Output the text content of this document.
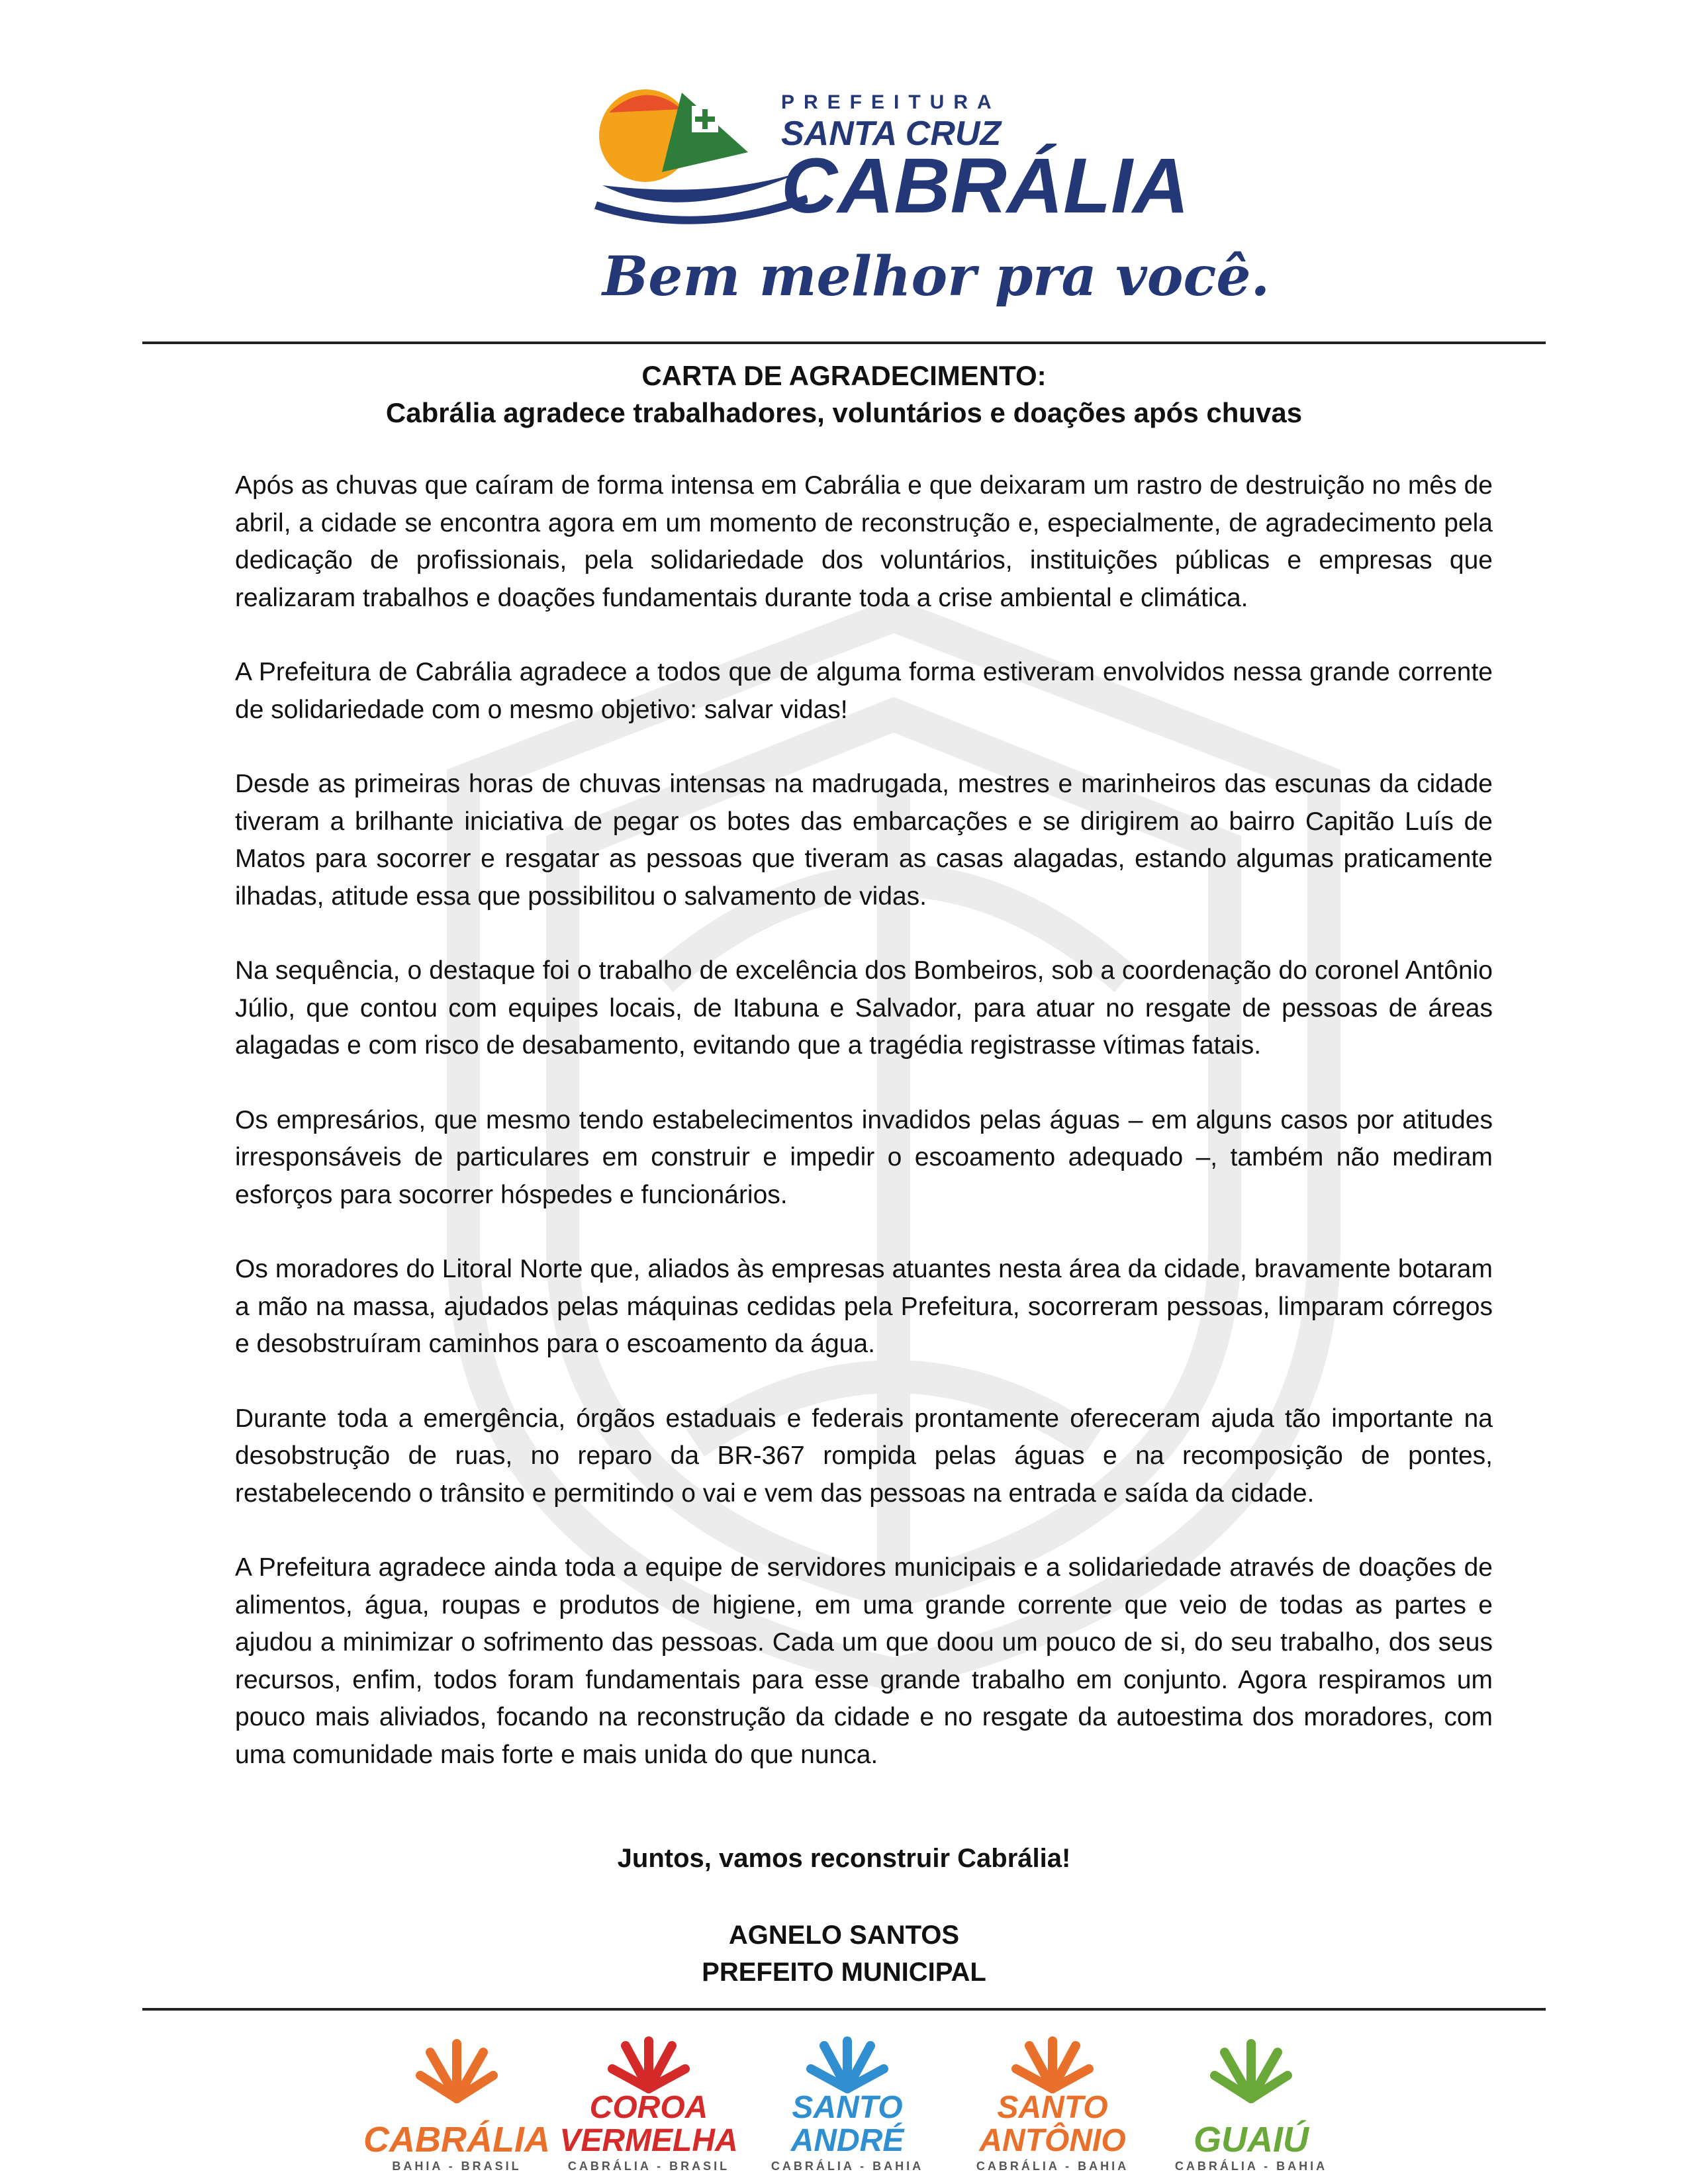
PREFEITURA
SANTA CRUZ
CABRÁLIA
Bem melhor pra você.
CARTA DE AGRADECIMENTO:
Cabrália agradece trabalhadores, voluntários e doações após chuvas

Após as chuvas que caíram de forma intensa em Cabrália e que deixaram um rastro de destruição no mês de abril, a cidade se encontra agora em um momento de reconstrução e, especialmente, de agradecimento pela dedicação de profissionais, pela solidariedade dos voluntários, instituições públicas e empresas que realizaram trabalhos e doações fundamentais durante toda a crise ambiental e climática.

A Prefeitura de Cabrália agradece a todos que de alguma forma estiveram envolvidos nessa grande corrente de solidariedade com o mesmo objetivo: salvar vidas!

Desde as primeiras horas de chuvas intensas na madrugada, mestres e marinheiros das escunas da cidade tiveram a brilhante iniciativa de pegar os botes das embarcações e se dirigirem ao bairro Capitão Luís de Matos para socorrer e resgatar as pessoas que tiveram as casas alagadas, estando algumas praticamente ilhadas, atitude essa que possibilitou o salvamento de vidas.

Na sequência, o destaque foi o trabalho de excelência dos Bombeiros, sob a coordenação do coronel Antônio Júlio, que contou com equipes locais, de Itabuna e Salvador, para atuar no resgate de pessoas de áreas alagadas e com risco de desabamento, evitando que a tragédia registrasse vítimas fatais.

Os empresários, que mesmo tendo estabelecimentos invadidos pelas águas – em alguns casos por atitudes irresponsáveis de particulares em construir e impedir o escoamento adequado –, também não mediram esforços para socorrer hóspedes e funcionários.

Os moradores do Litoral Norte que, aliados às empresas atuantes nesta área da cidade, bravamente botaram a mão na massa, ajudados pelas máquinas cedidas pela Prefeitura, socorreram pessoas, limparam córregos e desobstruíram caminhos para o escoamento da água.

Durante toda a emergência, órgãos estaduais e federais prontamente ofereceram ajuda tão importante na desobstrução de ruas, no reparo da BR-367 rompida pelas águas e na recomposição de pontes, restabelecendo o trânsito e permitindo o vai e vem das pessoas na entrada e saída da cidade.

A Prefeitura agradece ainda toda a equipe de servidores municipais e a solidariedade através de doações de alimentos, água, roupas e produtos de higiene, em uma grande corrente que veio de todas as partes e ajudou a minimizar o sofrimento das pessoas. Cada um que doou um pouco de si, do seu trabalho, dos seus recursos, enfim, todos foram fundamentais para esse grande trabalho em conjunto. Agora respiramos um pouco mais aliviados, focando na reconstrução da cidade e no resgate da autoestima dos moradores, com uma comunidade mais forte e mais unida do que nunca.

Juntos, vamos reconstruir Cabrália!
AGNELO SANTOS
PREFEITO MUNICIPAL
CABRÁLIA
BAHIA - BRASIL
COROA VERMELHA
CABRÁLIA - BRASIL
SANTO ANDRÉ
CABRÁLIA - BAHIA
SANTO ANTÔNIO
CABRÁLIA - BAHIA
GUAIÚ
CABRÁLIA - BAHIA
